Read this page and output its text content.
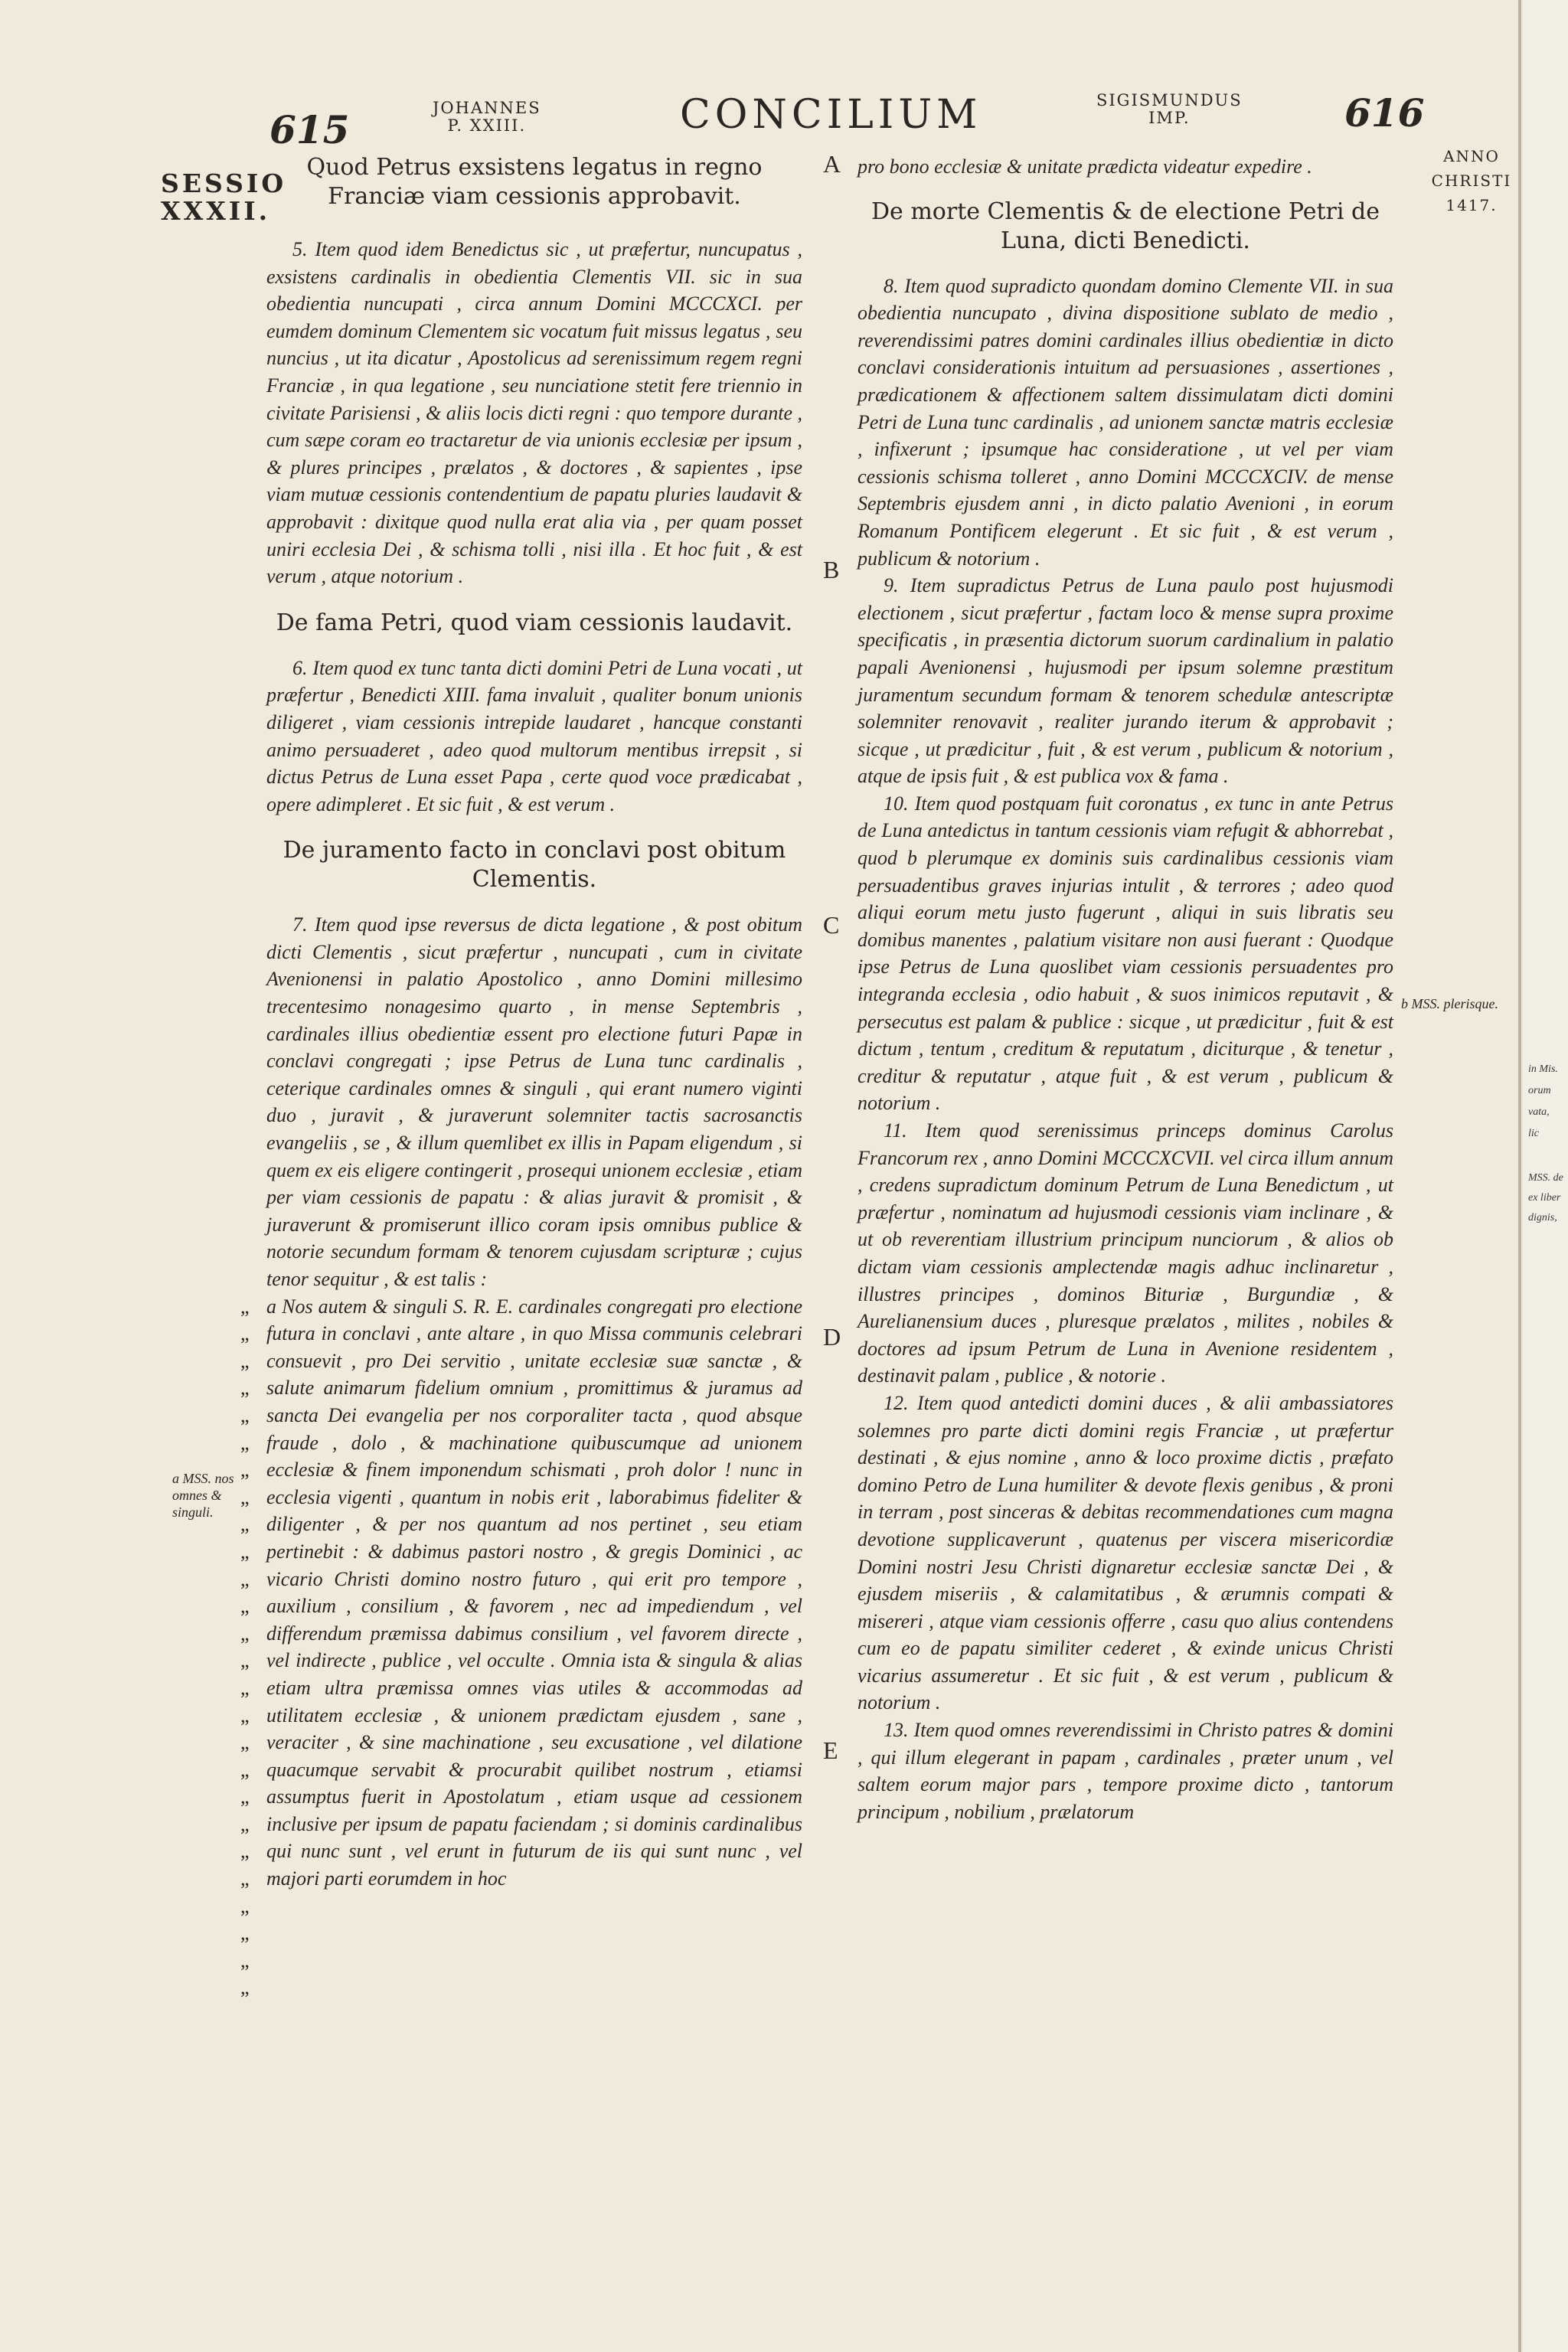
615	JOHANNES
P. XXIII.	CONCILIUM	SIGISMUNDUS
IMP.	616
SESSIO
XXXII.
ANNO
CHRISTI
1417.
A
B
C
D
E
a MSS. nos omnes & singuli.
b MSS. plerisque.
Quod Petrus exsistens legatus in regno Franciæ viam cessionis approbavit.

5. Item quod idem Benedictus sic , ut præfertur, nuncupatus , exsistens cardinalis in obedientia Clementis VII. sic in sua obedientia nuncupati , circa annum Domini MCCCXCI. per eumdem dominum Clementem sic vocatum fuit missus legatus , seu nuncius , ut ita dicatur , Apostolicus ad serenissimum regem regni Franciæ , in qua legatione , seu nunciatione stetit fere triennio in civitate Parisiensi , & aliis locis dicti regni : quo tempore durante , cum sæpe coram eo tractaretur de via unionis ecclesiæ per ipsum , & plures principes , prælatos , & doctores , & sapientes , ipse viam mutuæ cessionis contendentium de papatu pluries laudavit & approbavit : dixitque quod nulla erat alia via , per quam posset uniri ecclesia Dei , & schisma tolli , nisi illa . Et hoc fuit , & est verum , atque notorium .

De fama Petri, quod viam cessionis laudavit.

6. Item quod ex tunc tanta dicti domini Petri de Luna vocati , ut præfertur , Benedicti XIII. fama invaluit , qualiter bonum unionis diligeret , viam cessionis intrepide laudaret , hancque constanti animo persuaderet , adeo quod multorum mentibus irrepsit , si dictus Petrus de Luna esset Papa , certe quod voce prædicabat , opere adimpleret . Et sic fuit , & est verum .

De juramento facto in conclavi post obitum Clementis.

7. Item quod ipse reversus de dicta legatione , & post obitum dicti Clementis , sicut præfertur , nuncupati , cum in civitate Avenionensi in palatio Apostolico , anno Domini millesimo trecentesimo nonagesimo quarto , in mense Septembris , cardinales illius obedientiæ essent pro electione futuri Papæ in conclavi congregati ; ipse Petrus de Luna tunc cardinalis , ceterique cardinales omnes & singuli , qui erant numero viginti duo , juravit , & juraverunt solemniter tactis sacrosanctis evangeliis , se , & illum quemlibet ex illis in Papam eligendum , si quem ex eis eligere contingerit , prosequi unionem ecclesiæ , etiam per viam cessionis de papatu : & alias juravit & promisit , & juraverunt & promiserunt illico coram ipsis omnibus publice & notorie secundum formam & tenorem cujusdam scripturæ ; cujus tenor sequitur , & est talis :

„
„
„
„
„
„
„
„
„
„
„
„
„
„
„
„
„
„
„
„
„
„
„
„
„
„

a Nos autem & singuli S. R. E. cardinales congregati pro electione futura in conclavi , ante altare , in quo Missa communis celebrari consuevit , pro Dei servitio , unitate ecclesiæ suæ sanctæ , & salute animarum fidelium omnium , promittimus & juramus ad sancta Dei evangelia per nos corporaliter tacta , quod absque fraude , dolo , & machinatione quibuscumque ad unionem ecclesiæ & finem imponendum schismati , proh dolor ! nunc in ecclesia vigenti , quantum in nobis erit , laborabimus fideliter & diligenter , & per nos quantum ad nos pertinet , seu etiam pertinebit : & dabimus pastori nostro , & gregis Dominici , ac vicario Christi domino nostro futuro , qui erit pro tempore , auxilium , consilium , & favorem , nec ad impediendum , vel differendum præmissa dabimus consilium , vel favorem directe , vel indirecte , publice , vel occulte . Omnia ista & singula & alias etiam ultra præmissa omnes vias utiles & accommodas ad utilitatem ecclesiæ , & unionem prædictam ejusdem , sane , veraciter , & sine machinatione , seu excusatione , vel dilatione quacumque servabit & procurabit quilibet nostrum , etiamsi assumptus fuerit in Apostolatum , etiam usque ad cessionem inclusive per ipsum de papatu faciendam ; si dominis cardinalibus qui nunc sunt , vel erunt in futurum de iis qui sunt nunc , vel majori parti eorumdem in hoc

pro bono ecclesiæ & unitate prædicta videatur expedire .

De morte Clementis & de electione Petri de Luna, dicti Benedicti.

8. Item quod supradicto quondam domino Clemente VII. in sua obedientia nuncupato , divina dispositione sublato de medio , reverendissimi patres domini cardinales illius obedientiæ in dicto conclavi considerationis intuitum ad persuasiones , assertiones , prædicationem & affectionem saltem dissimulatam dicti domini Petri de Luna tunc cardinalis , ad unionem sanctæ matris ecclesiæ , infixerunt ; ipsumque hac consideratione , ut vel per viam cessionis schisma tolleret , anno Domini MCCCXCIV. de mense Septembris ejusdem anni , in dicto palatio Avenioni , in eorum Romanum Pontificem elegerunt . Et sic fuit , & est verum , publicum & notorium .

9. Item supradictus Petrus de Luna paulo post hujusmodi electionem , sicut præfertur , factam loco & mense supra proxime specificatis , in præsentia dictorum suorum cardinalium in palatio papali Avenionensi , hujusmodi per ipsum solemne præstitum juramentum secundum formam & tenorem schedulæ antescriptæ solemniter renovavit , realiter jurando iterum & approbavit ; sicque , ut prædicitur , fuit , & est verum , publicum & notorium , atque de ipsis fuit , & est publica vox & fama .

10. Item quod postquam fuit coronatus , ex tunc in ante Petrus de Luna antedictus in tantum cessionis viam refugit & abhorrebat , quod b plerumque ex dominis suis cardinalibus cessionis viam persuadentibus graves injurias intulit , & terrores ; adeo quod aliqui eorum metu justo fugerunt , aliqui in suis libratis seu domibus manentes , palatium visitare non ausi fuerant : Quodque ipse Petrus de Luna quoslibet viam cessionis persuadentes pro integranda ecclesia , odio habuit , & suos inimicos reputavit , & persecutus est palam & publice : sicque , ut prædicitur , fuit & est dictum , tentum , creditum & reputatum , diciturque , & tenetur , creditur & reputatur , atque fuit , & est verum , publicum & notorium .

11. Item quod serenissimus princeps dominus Carolus Francorum rex , anno Domini MCCCXCVII. vel circa illum annum , credens supradictum dominum Petrum de Luna Benedictum , ut præfertur , nominatum ad hujusmodi cessionis viam inclinare , & ut ob reverentiam illustrium principum nunciorum , & alios ob dictam viam cessionis amplectendæ magis adhuc inclinaretur , illustres principes , dominos Bituriæ , Burgundiæ , & Aurelianensium duces , pluresque prælatos , milites , nobiles & doctores ad ipsum Petrum de Luna in Avenione residentem , destinavit palam , publice , & notorie .

12. Item quod antedicti domini duces , & alii ambassiatores solemnes pro parte dicti domini regis Franciæ , ut præfertur destinati , & ejus nomine , anno & loco proxime dictis , præfato domino Petro de Luna humiliter & devote flexis genibus , & proni in terram , post sinceras & debitas recommendationes cum magna devotione supplicaverunt , quatenus per viscera misericordiæ Domini nostri Jesu Christi dignaretur ecclesiæ sanctæ Dei , & ejusdem miseriis , & calamitatibus , & ærumnis compati & misereri , atque viam cessionis offerre , casu quo alius contendens cum eo de papatu similiter cederet , & exinde unicus Christi vicarius assumeretur . Et sic fuit , & est verum , publicum & notorium .

13. Item quod omnes reverendissimi in Christo patres & domini , qui illum elegerant in papam , cardinales , præter unum , vel saltem eorum major pars , tempore proxime dicto , tantorum principum , nobilium , prælatorum

in Mis.
orum
vata,
lic
MSS. de
ex liber
dignis,
